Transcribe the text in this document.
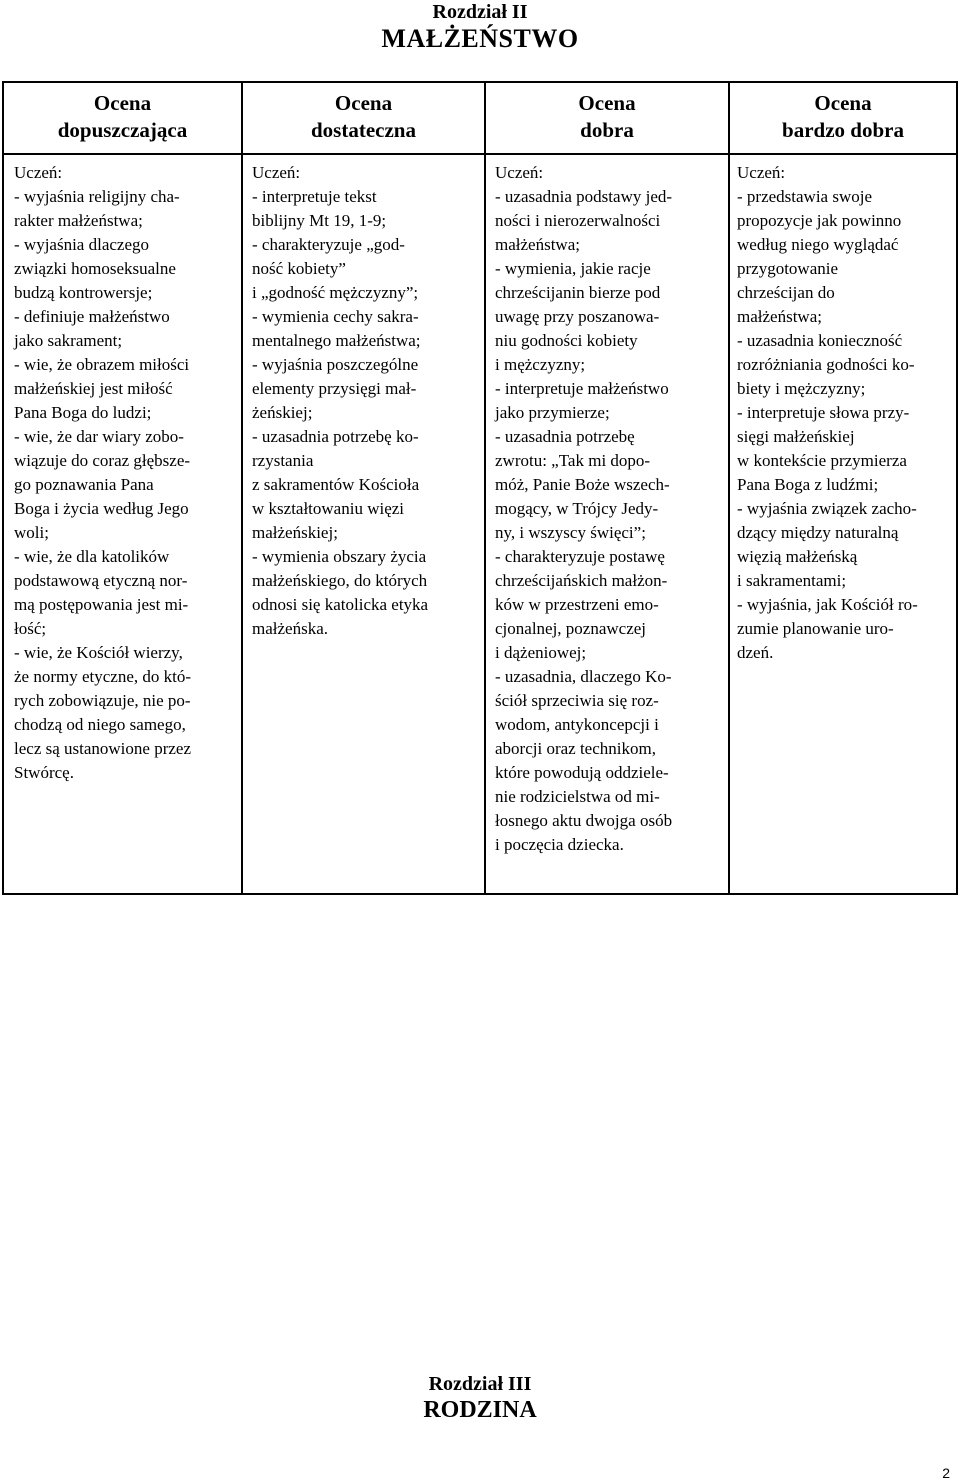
Rozdział II
MAŁŻEŃSTWO
Ocena
dopuszczająca
Ocena
dostateczna
Ocena
dobra
Ocena
bardzo dobra
Uczeń:
- wyjaśnia religijny cha-
rakter małżeństwa;
- wyjaśnia dlaczego
związki homoseksualne
budzą kontrowersje;
- definiuje małżeństwo
jako sakrament;
- wie, że obrazem miłości
małżeńskiej jest miłość
Pana Boga do ludzi;
- wie, że dar wiary zobo-
wiązuje do coraz głębsze-
go poznawania Pana
Boga i życia według Jego
woli;
- wie, że dla katolików
podstawową etyczną nor-
mą postępowania jest mi-
łość;
- wie, że Kościół wierzy,
że normy etyczne, do któ-
rych zobowiązuje, nie po-
chodzą od niego samego,
lecz są ustanowione przez
Stwórcę.
Uczeń:
- interpretuje tekst
biblijny Mt 19, 1-9;
- charakteryzuje „god-
ność kobiety”
i „godność mężczyzny”;
- wymienia cechy sakra-
mentalnego małżeństwa;
- wyjaśnia poszczególne
elementy przysięgi mał-
żeńskiej;
- uzasadnia potrzebę ko-
rzystania
z sakramentów Kościoła
w kształtowaniu więzi
małżeńskiej;
- wymienia obszary życia
małżeńskiego, do których
odnosi się katolicka etyka
małżeńska.
Uczeń:
- uzasadnia podstawy jed-
ności i nierozerwalności
małżeństwa;
- wymienia, jakie racje
chrześcijanin bierze pod
uwagę przy poszanowa-
niu godności kobiety
i mężczyzny;
- interpretuje małżeństwo
jako przymierze;
- uzasadnia potrzebę
zwrotu: „Tak mi dopo-
móż, Panie Boże wszech-
mogący, w Trójcy Jedy-
ny, i wszyscy święci”;
- charakteryzuje postawę
chrześcijańskich małżon-
ków w przestrzeni emo-
cjonalnej, poznawczej
i dążeniowej;
- uzasadnia, dlaczego Ko-
ściół sprzeciwia się roz-
wodom, antykoncepcji i
aborcji oraz technikom,
które powodują oddziele-
nie rodzicielstwa od mi-
łosnego aktu dwojga osób
i poczęcia dziecka.
Uczeń:
- przedstawia swoje
propozycje jak powinno
według niego wyglądać
przygotowanie
chrześcijan do
małżeństwa;
- uzasadnia konieczność
rozróżniania godności ko-
biety i mężczyzny;
- interpretuje słowa przy-
sięgi małżeńskiej
w kontekście przymierza
Pana Boga z ludźmi;
- wyjaśnia związek zacho-
dzący między naturalną
więzią małżeńską
i sakramentami;
- wyjaśnia, jak Kościół ro-
zumie planowanie uro-
dzeń.
Rozdział III
RODZINA
2
